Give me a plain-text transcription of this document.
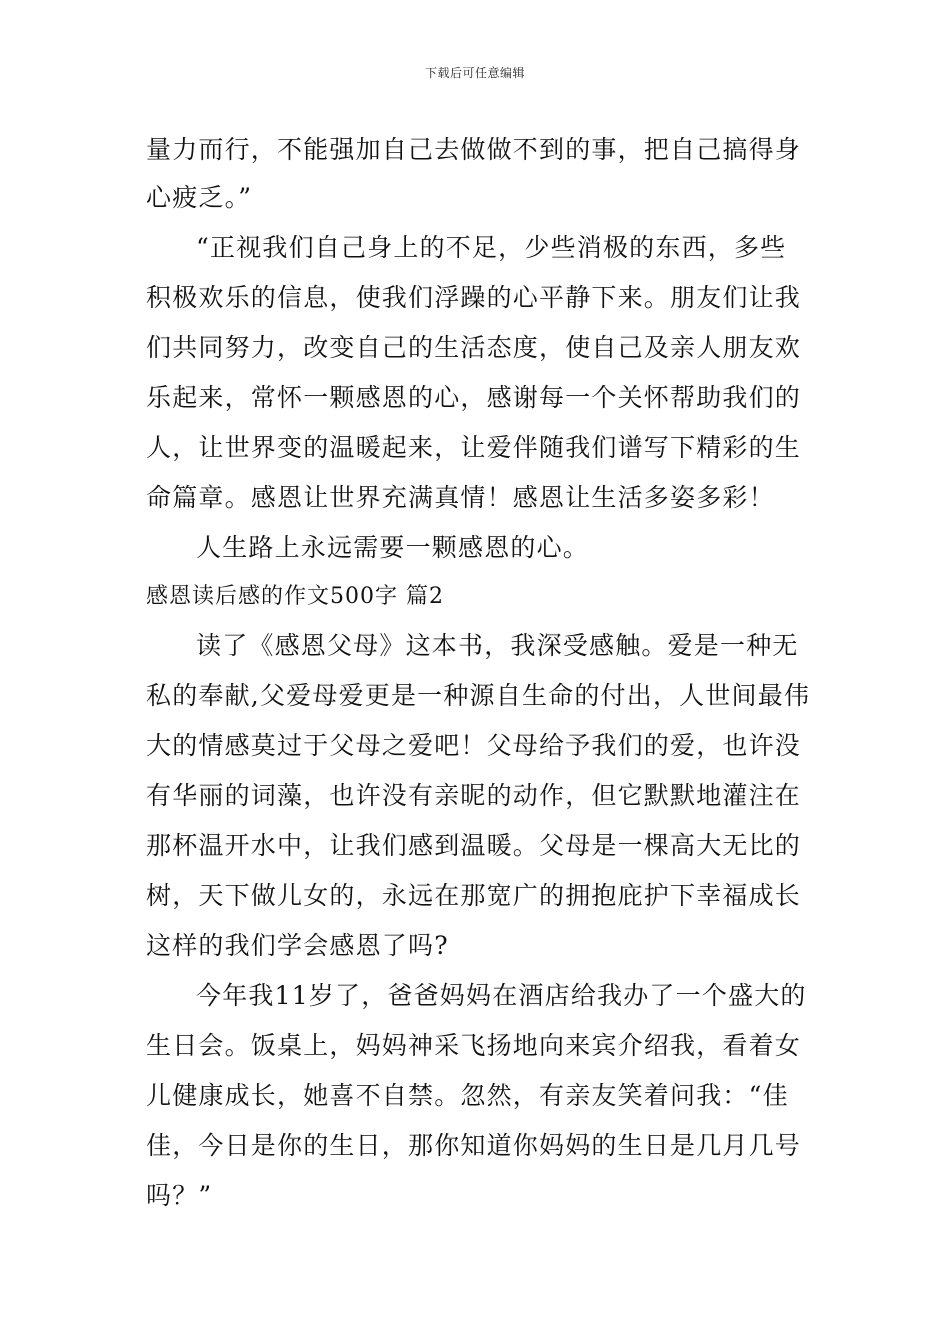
下载后可任意编辑
量力而行，不能强加自己去做做不到的事，把自己搞得身
心疲乏。”
“正视我们自己身上的不足，少些消极的东西，多些
积极欢乐的信息，使我们浮躁的心平静下来。朋友们让我
们共同努力，改变自己的生活态度，使自己及亲人朋友欢
乐起来，常怀一颗感恩的心，感谢每一个关怀帮助我们的
人，让世界变的温暖起来，让爱伴随我们谱写下精彩的生
命篇章。感恩让世界充满真情！感恩让生活多姿多彩！
人生路上永远需要一颗感恩的心。
感恩读后感的作文500字 篇2
读了《感恩父母》这本书，我深受感触。爱是一种无
私的奉献,父爱母爱更是一种源自生命的付出，人世间最伟
大的情感莫过于父母之爱吧！父母给予我们的爱，也许没
有华丽的词藻，也许没有亲昵的动作，但它默默地灌注在
那杯温开水中，让我们感到温暖。父母是一棵高大无比的
树，天下做儿女的，永远在那宽广的拥抱庇护下幸福成长
这样的我们学会感恩了吗?
今年我11岁了，爸爸妈妈在酒店给我办了一个盛大的
生日会。饭桌上，妈妈神采飞扬地向来宾介绍我，看着女
儿健康成长，她喜不自禁。忽然，有亲友笑着问我：“佳
佳，今日是你的生日，那你知道你妈妈的生日是几月几号
吗？”
